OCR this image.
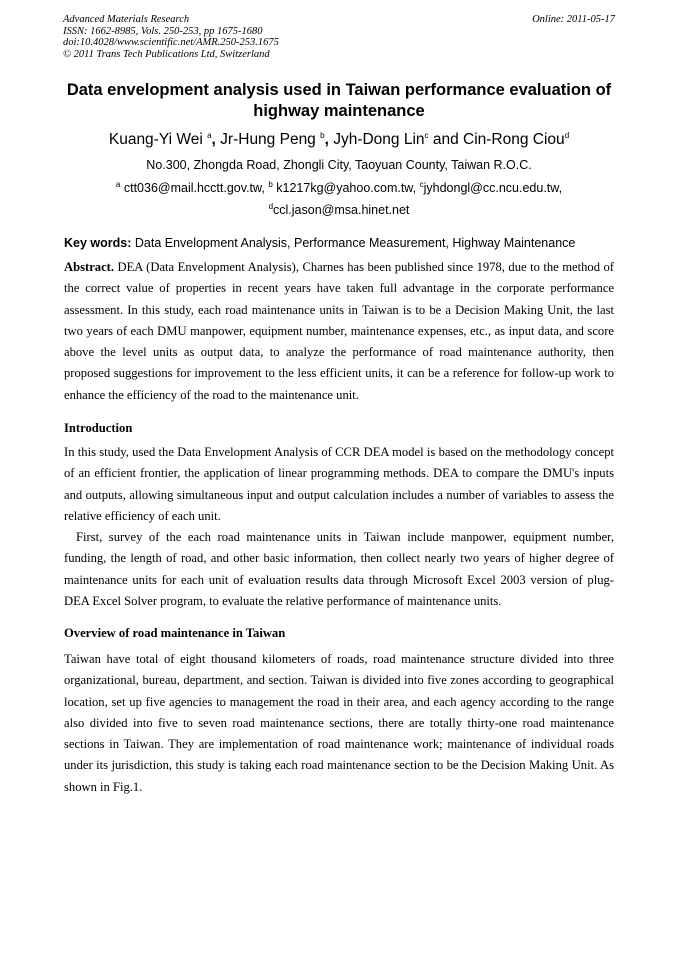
Advanced Materials Research
ISSN: 1662-8985, Vols. 250-253, pp 1675-1680
doi:10.4028/www.scientific.net/AMR.250-253.1675
© 2011 Trans Tech Publications Ltd, Switzerland
Online: 2011-05-17
Data envelopment analysis used in Taiwan performance evaluation of highway maintenance
Kuang-Yi Wei $^a$, Jr-Hung Peng $^b$, Jyh-Dong Lin$^c$ and Cin-Rong Ciou$^d$
No.300, Zhongda Road, Zhongli City, Taoyuan County, Taiwan R.O.C.
$^a$ ctt036@mail.hcctt.gov.tw, $^b$ k1217kg@yahoo.com.tw, $^c$jyhdongl@cc.ncu.edu.tw,
$^d$ccl.jason@msa.hinet.net
Key words: Data Envelopment Analysis, Performance Measurement, Highway Maintenance

Abstract. DEA (Data Envelopment Analysis), Charnes has been published since 1978, due to the method of the correct value of properties in recent years have taken full advantage in the corporate performance assessment. In this study, each road maintenance units in Taiwan is to be a Decision Making Unit, the last two years of each DMU manpower, equipment number, maintenance expenses, etc., as input data, and score above the level units as output data, to analyze the performance of road maintenance authority, then proposed suggestions for improvement to the less efficient units, it can be a reference for follow-up work to enhance the efficiency of the road to the maintenance unit.

Introduction

In this study, used the Data Envelopment Analysis of CCR DEA model is based on the methodology concept of an efficient frontier, the application of linear programming methods. DEA to compare the DMU's inputs and outputs, allowing simultaneous input and output calculation includes a number of variables to assess the relative efficiency of each unit.

First, survey of the each road maintenance units in Taiwan include manpower, equipment number, funding, the length of road, and other basic information, then collect nearly two years of higher degree of maintenance units for each unit of evaluation results data through Microsoft Excel 2003 version of plug-DEA Excel Solver program, to evaluate the relative performance of maintenance units.

Overview of road maintenance in Taiwan

Taiwan have total of eight thousand kilometers of roads, road maintenance structure divided into three organizational, bureau, department, and section. Taiwan is divided into five zones according to geographical location, set up five agencies to management the road in their area, and each agency according to the range also divided into five to seven road maintenance sections, there are totally thirty-one road maintenance sections in Taiwan. They are implementation of road maintenance work; maintenance of individual roads under its jurisdiction, this study is taking each road maintenance section to be the Decision Making Unit. As shown in Fig.1.
